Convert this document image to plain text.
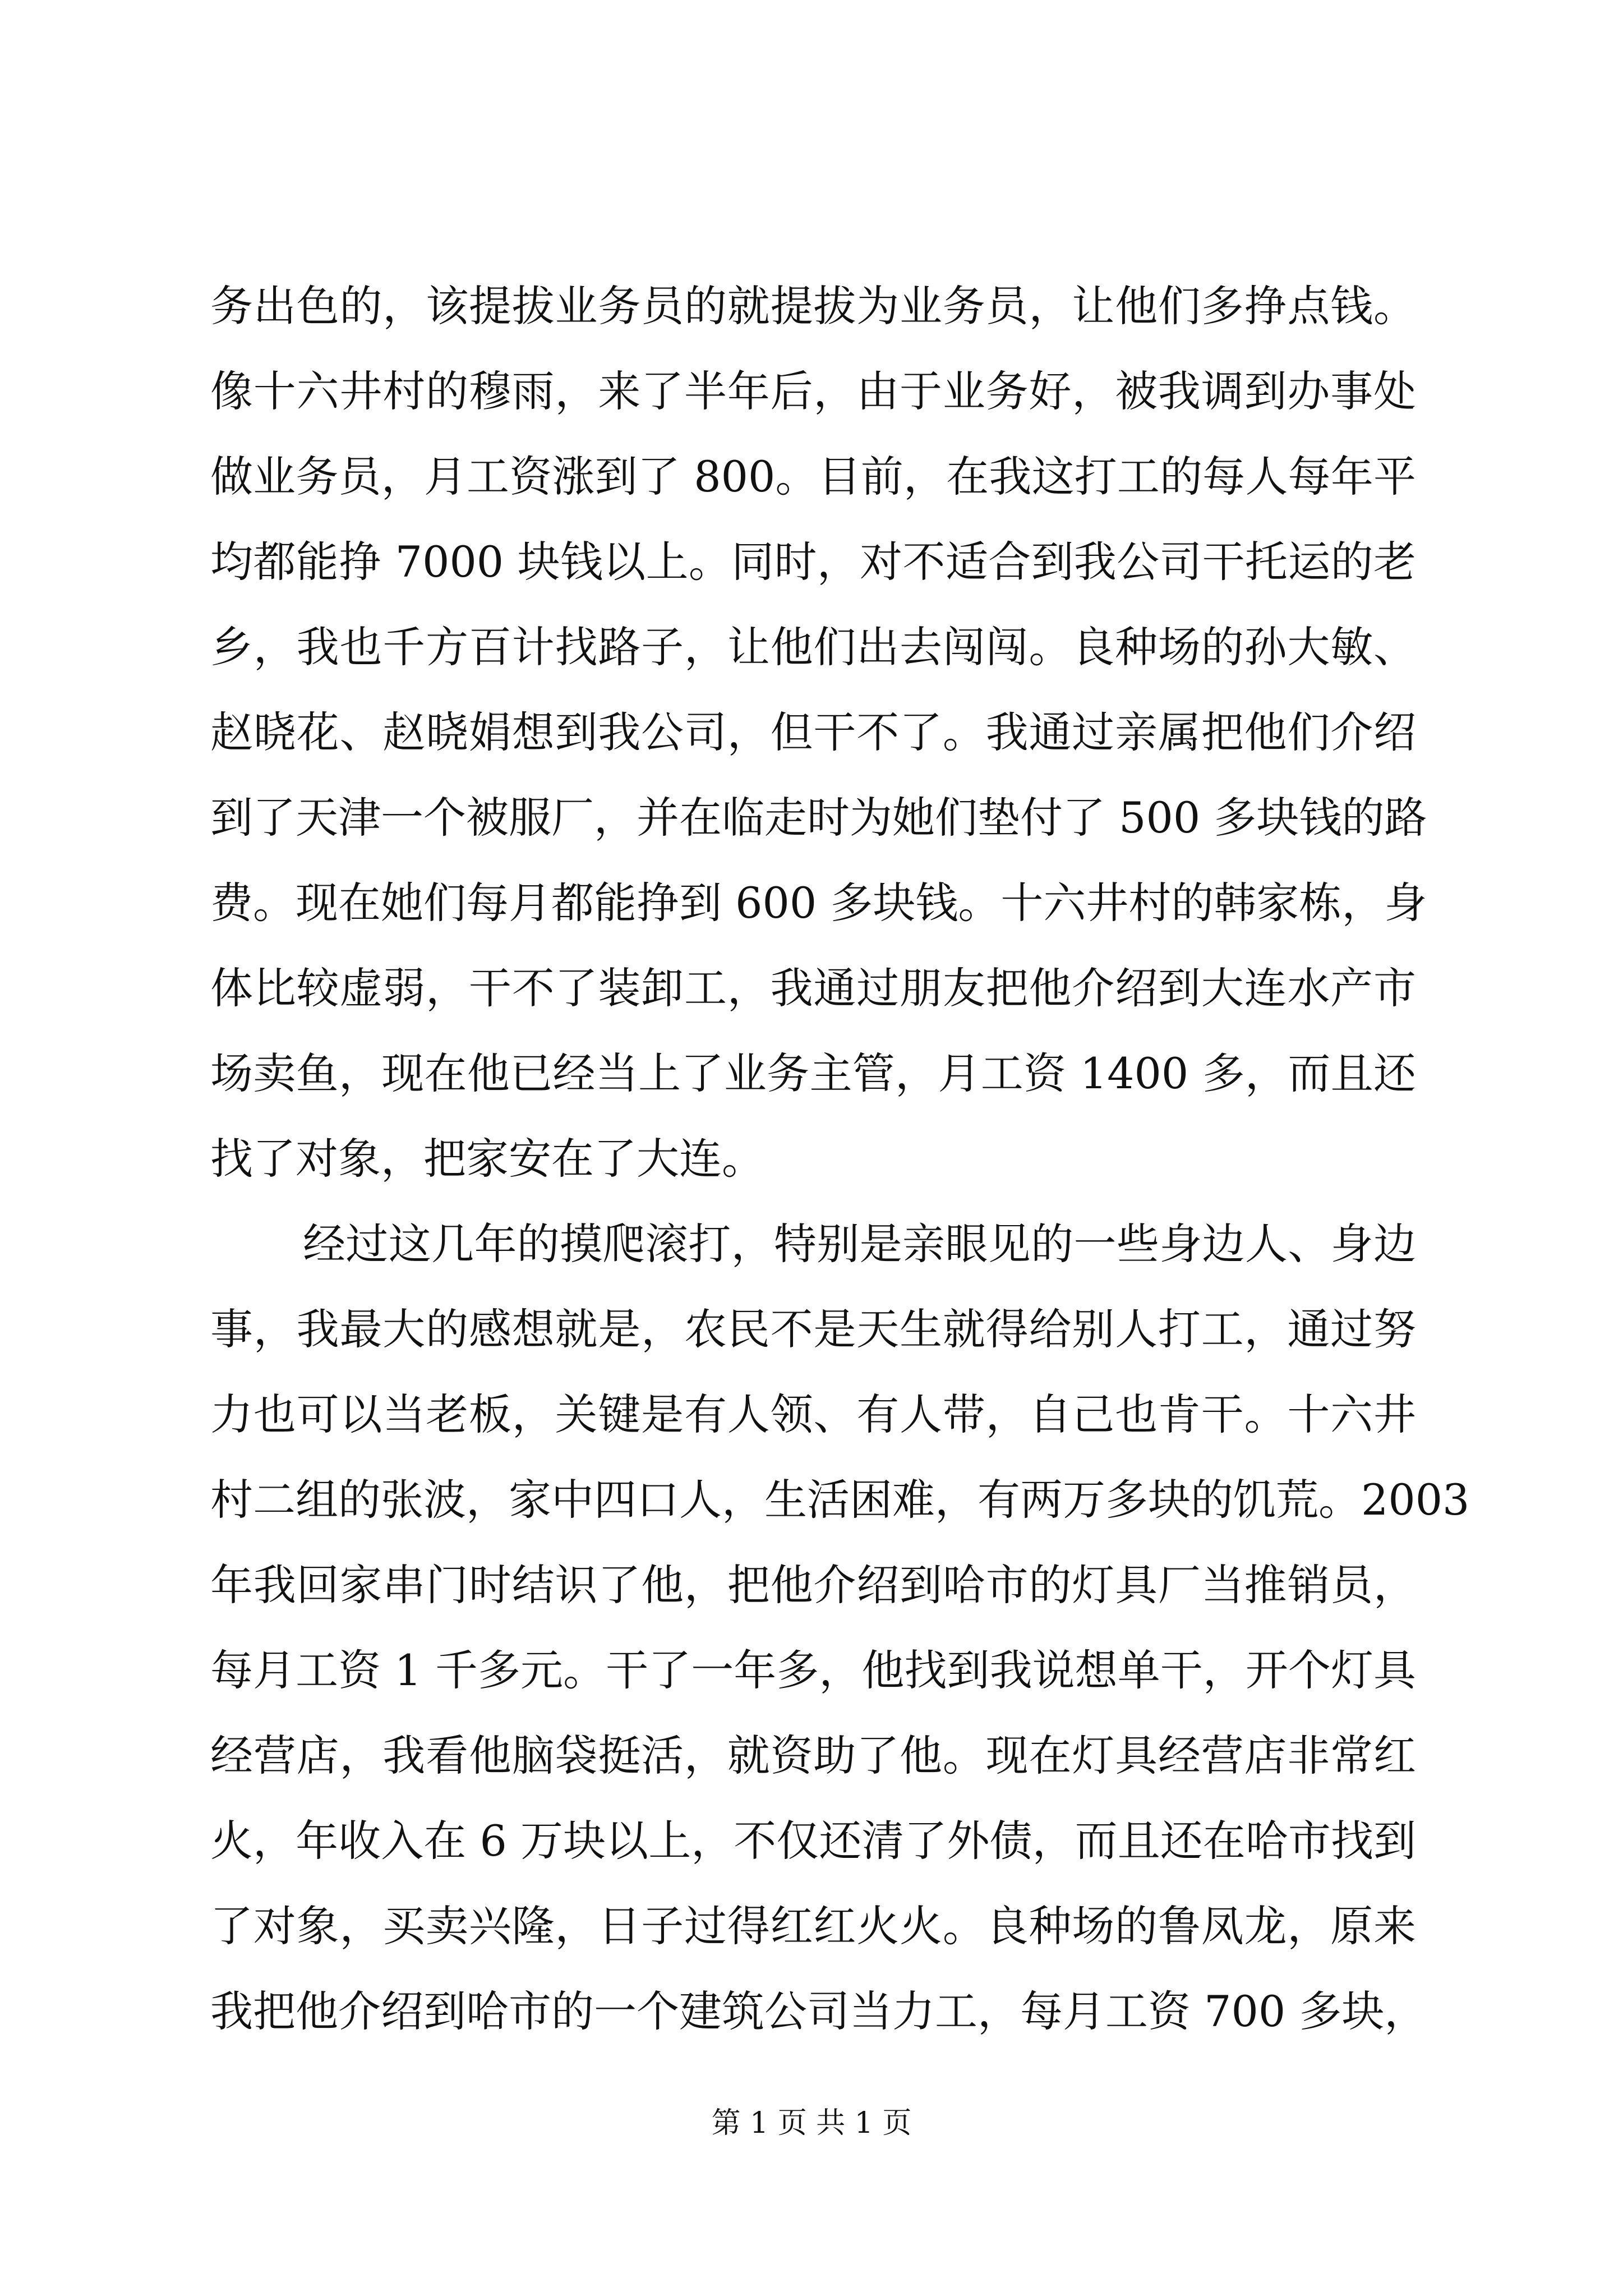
务出色的，该提拔业务员的就提拔为业务员，让他们多挣点钱。
像十六井村的穆雨，来了半年后，由于业务好，被我调到办事处
做业务员，月工资涨到了 800。目前，在我这打工的每人每年平
均都能挣 7000 块钱以上。同时，对不适合到我公司干托运的老
乡，我也千方百计找路子，让他们出去闯闯。良种场的孙大敏、
赵晓花、赵晓娟想到我公司，但干不了。我通过亲属把他们介绍
到了天津一个被服厂，并在临走时为她们垫付了 500 多块钱的路
费。现在她们每月都能挣到 600 多块钱。十六井村的韩家栋，身
体比较虚弱，干不了装卸工，我通过朋友把他介绍到大连水产市
场卖鱼，现在他已经当上了业务主管，月工资 1400 多，而且还
找了对象，把家安在了大连。
经过这几年的摸爬滚打，特别是亲眼见的一些身边人、身边
事，我最大的感想就是，农民不是天生就得给别人打工，通过努
力也可以当老板，关键是有人领、有人带，自己也肯干。十六井
村二组的张波，家中四口人，生活困难，有两万多块的饥荒。2003
年我回家串门时结识了他，把他介绍到哈市的灯具厂当推销员，
每月工资 1 千多元。干了一年多，他找到我说想单干，开个灯具
经营店，我看他脑袋挺活，就资助了他。现在灯具经营店非常红
火，年收入在 6 万块以上，不仅还清了外债，而且还在哈市找到
了对象，买卖兴隆，日子过得红红火火。良种场的鲁凤龙，原来
我把他介绍到哈市的一个建筑公司当力工，每月工资 700 多块，
第 1 页 共 1 页
